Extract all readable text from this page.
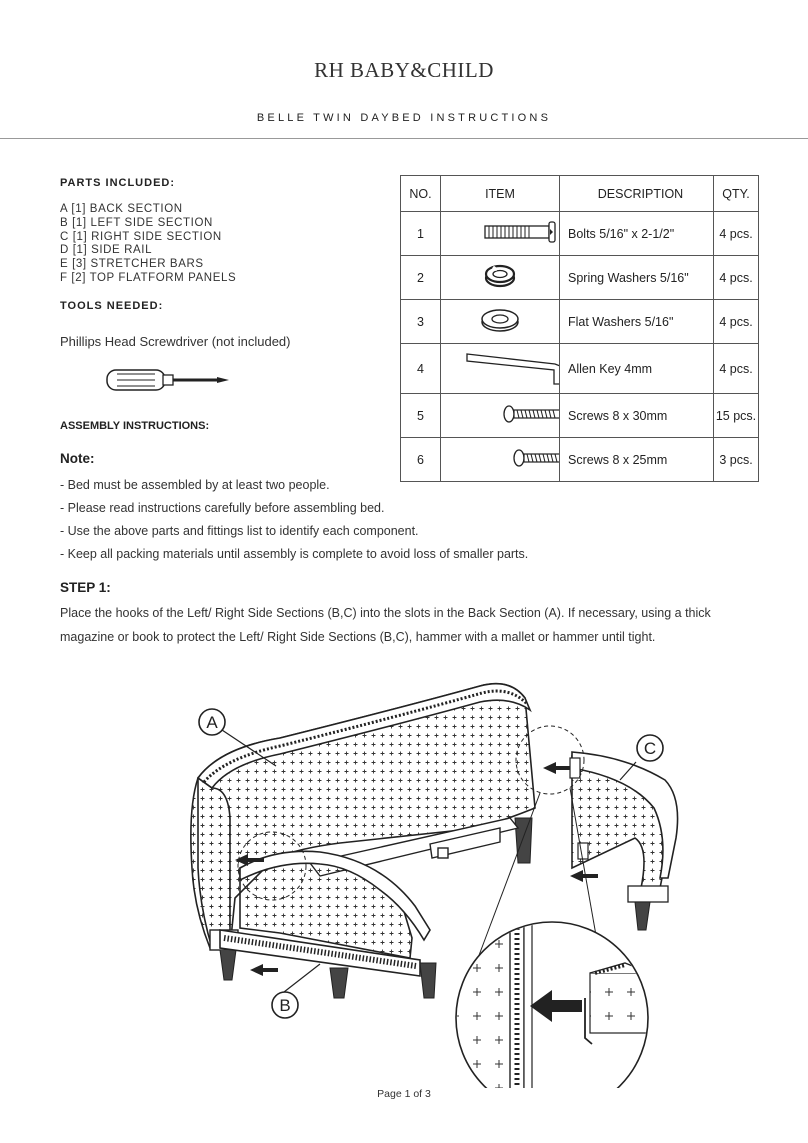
RH BABY&CHILD
BELLE TWIN DAYBED INSTRUCTIONS
PARTS INCLUDED:
A [1] BACK SECTION
B [1] LEFT SIDE SECTION
C [1] RIGHT SIDE SECTION
D [1] SIDE RAIL
E [3] STRETCHER BARS
F [2] TOP FLATFORM PANELS
TOOLS NEEDED:
Phillips Head Screwdriver (not included)
ASSEMBLY INSTRUCTIONS:
NO.	ITEM	DESCRIPTION	QTY.
1		Bolts 5/16" x 2-1/2"	4 pcs.
2		Spring Washers 5/16"	4 pcs.
3		Flat Washers 5/16"	4 pcs.
4		Allen Key 4mm	4 pcs.
5		Screws 8 x 30mm	15 pcs.
6		Screws 8 x 25mm	3 pcs.
Note:
- Bed must be assembled by at least two people.
- Please read instructions carefully before assembling bed.
- Use the above parts and fittings list to identify each component.
- Keep all packing materials until assembly is complete to avoid loss of smaller parts.
STEP 1:
Place the hooks of the Left/ Right Side Sections (B,C) into the slots in the Back Section (A). If necessary, using a thick magazine or book to protect the Left/ Right Side Sections (B,C), hammer with a mallet or hammer until tight.
A
B
C
Page 1 of 3
